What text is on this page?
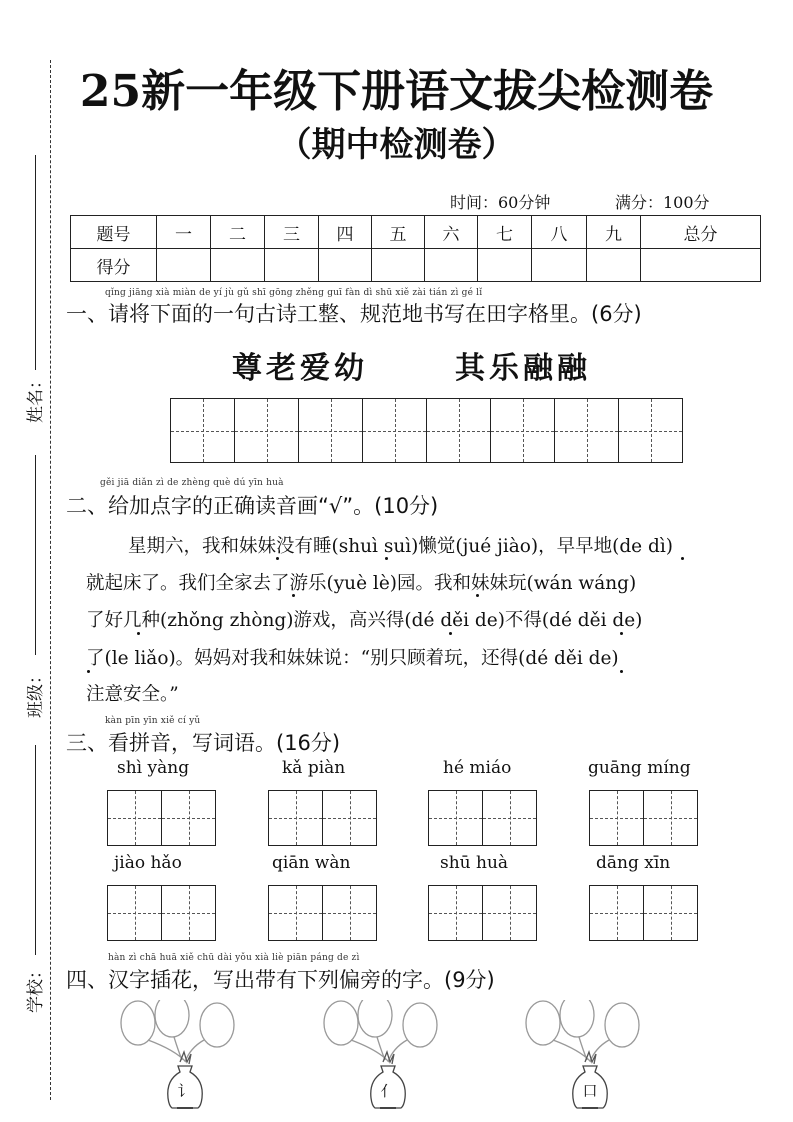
姓名：
班级：
学校：
25新一年级下册语文拔尖检测卷
（期中检测卷）
时间：60分钟	满分：100分
题号	一	二	三	四	五	六	七	八	九	总分
得分										
qǐng jiāng xià miàn de yí jù gǔ shī gōng zhěng guī fàn dì shū xiě zài tián zì gé lǐ
一、请将下面的一句古诗工整、规范地书写在田字格里。(6分)
尊老爱幼	其乐融融
gěi jiā diǎn zì de zhèng què dú yīn huà
二、给加点字的正确读音画“√”。(10分)
星期六，我和妹妹没有睡(shuì suì)懒觉(jué jiào)，早早地(de dì)
就起床了。我们全家去了游乐(yuè lè)园。我和妹妹玩(wán wáng)
了好几种(zhǒng zhòng)游戏，高兴得(dé děi de)不得(dé děi de)
了(le liǎo)。妈妈对我和妹妹说：“别只顾着玩，还得(dé děi de)
注意安全。”
kàn pīn yīn xiě cí yǔ
三、看拼音，写词语。(16分)
shì yàng	kǎ piàn	hé miáo	guāng míng
jiào hǎo	qiān wàn	shū huà	dāng xīn
hàn zì chā huā xiě chū dài yǒu xià liè piān páng de zì
四、汉字插花，写出带有下列偏旁的字。(9分)
讠	亻	口
